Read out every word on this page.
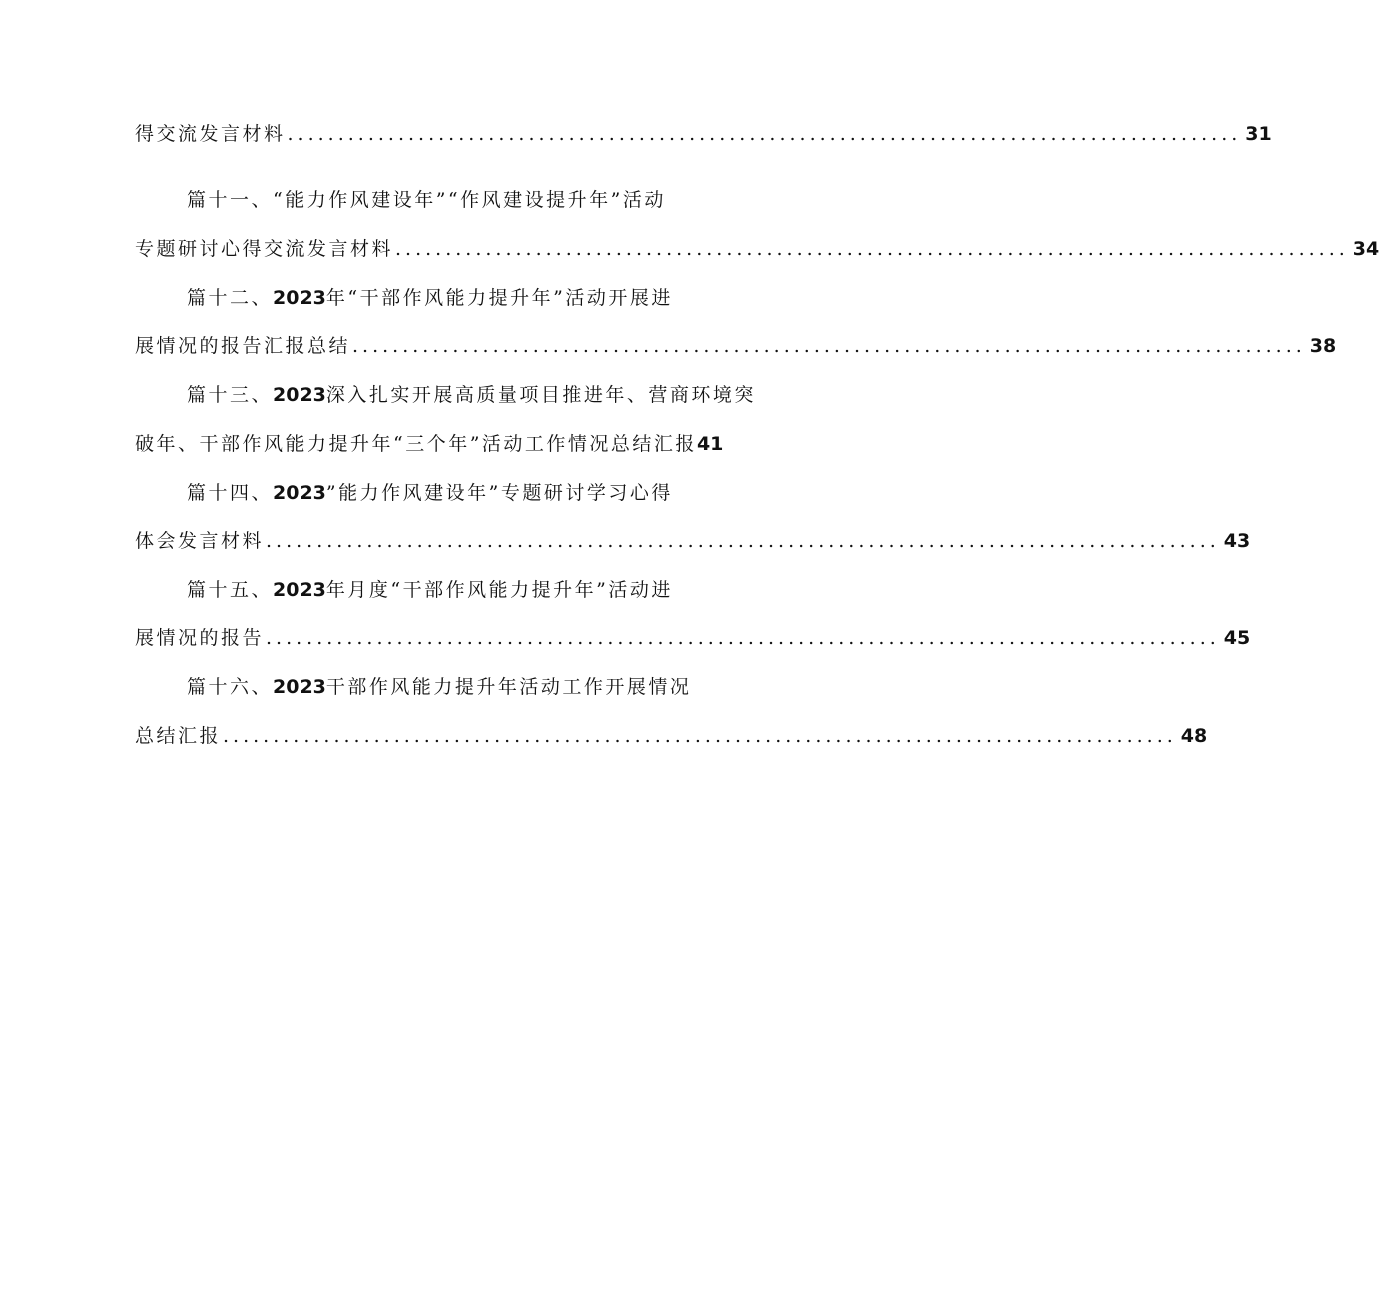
得交流发言材料 ............................................................................................... 31
篇十一、“能力作风建设年”“作风建设提升年”活动
专题研讨心得交流发言材料 ............................................................................................... 34
篇十二、2023年“干部作风能力提升年”活动开展进
展情况的报告汇报总结 ............................................................................................... 38
篇十三、2023深入扎实开展高质量项目推进年、营商环境突
破年、干部作风能力提升年“三个年”活动工作情况总结汇报 41
篇十四、2023”能力作风建设年”专题研讨学习心得
体会发言材料 ............................................................................................... 43
篇十五、2023年月度“干部作风能力提升年”活动进
展情况的报告 ............................................................................................... 45
篇十六、2023干部作风能力提升年活动工作开展情况
总结汇报 ............................................................................................... 48
